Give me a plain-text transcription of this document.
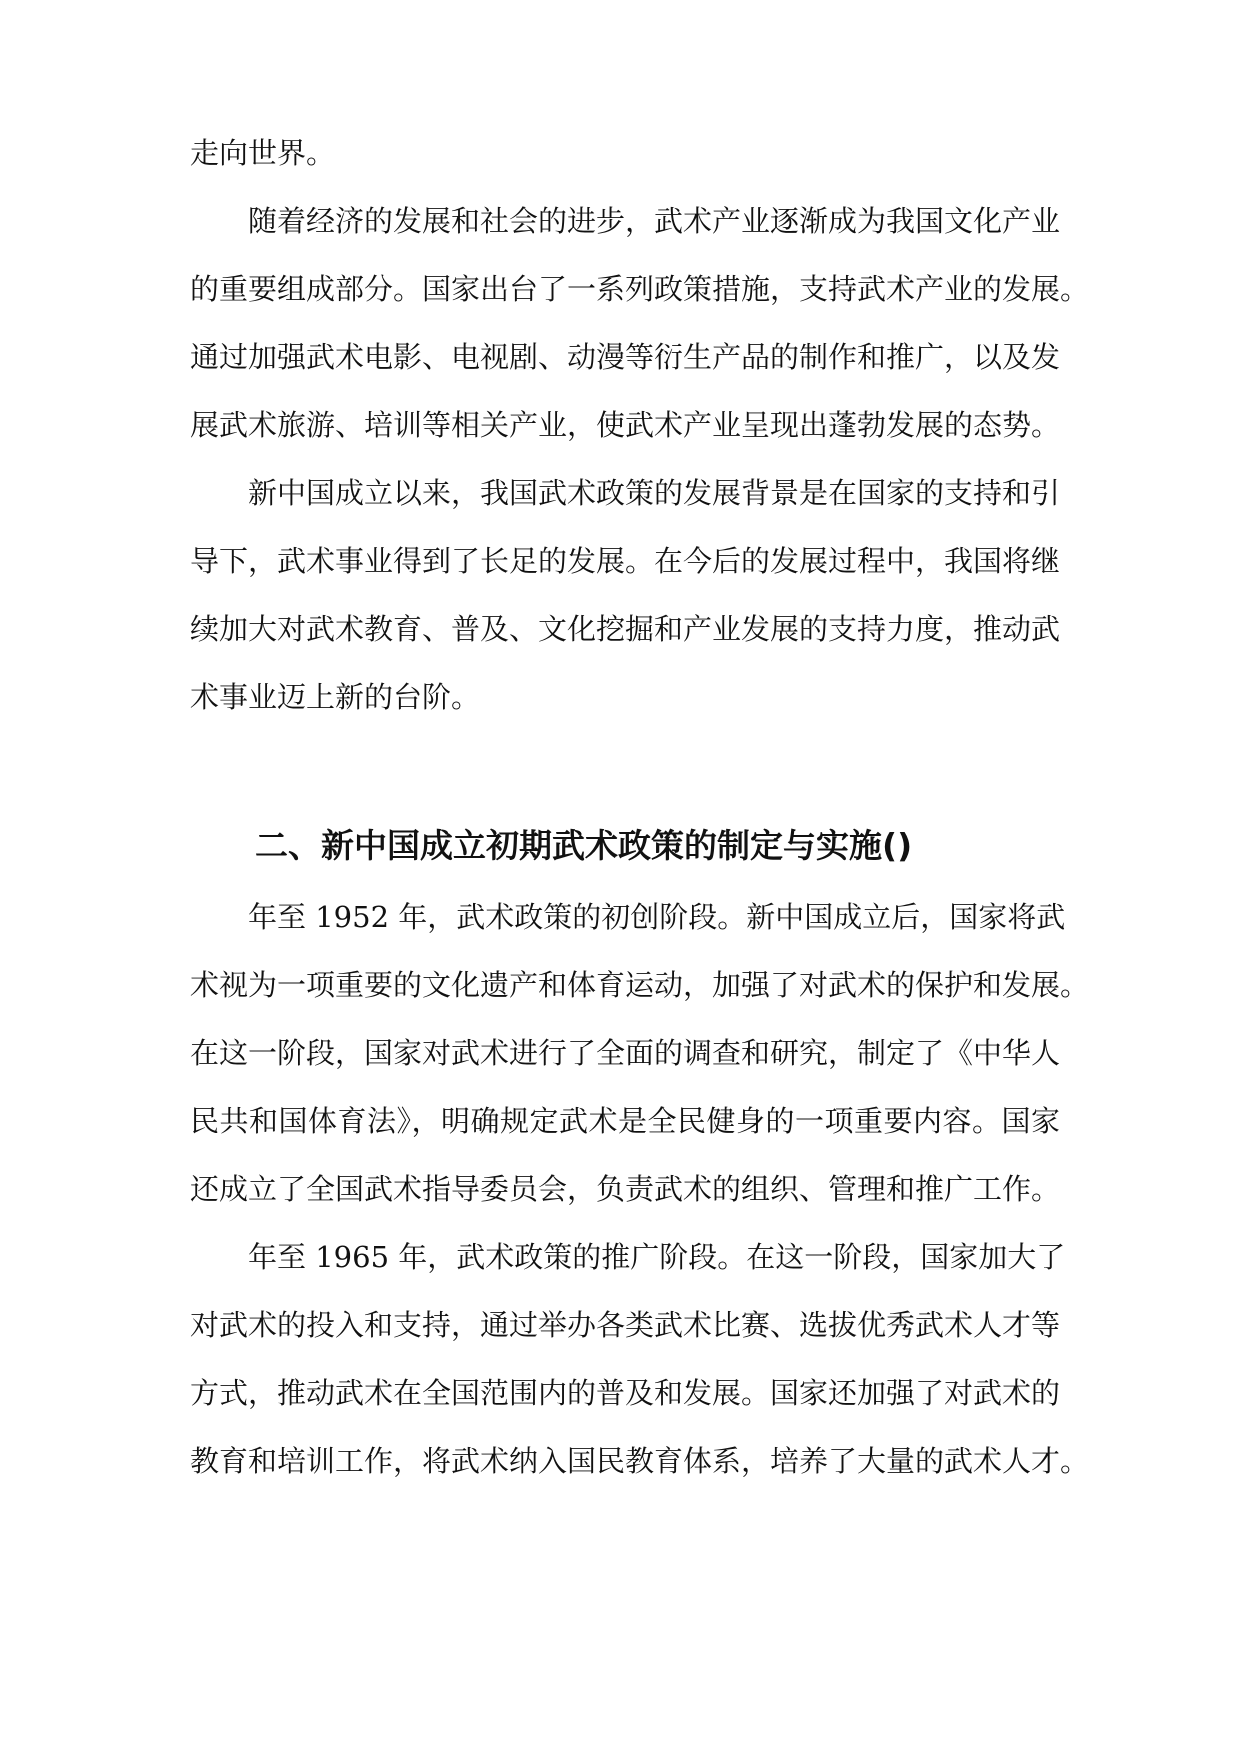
走向世界。
随着经济的发展和社会的进步，武术产业逐渐成为我国文化产业
的重要组成部分。国家出台了一系列政策措施，支持武术产业的发展。
通过加强武术电影、电视剧、动漫等衍生产品的制作和推广，以及发
展武术旅游、培训等相关产业，使武术产业呈现出蓬勃发展的态势。
新中国成立以来，我国武术政策的发展背景是在国家的支持和引
导下，武术事业得到了长足的发展。在今后的发展过程中，我国将继
续加大对武术教育、普及、文化挖掘和产业发展的支持力度，推动武
术事业迈上新的台阶。
二、新中国成立初期武术政策的制定与实施()
年至 1952 年，武术政策的初创阶段。新中国成立后，国家将武
术视为一项重要的文化遗产和体育运动，加强了对武术的保护和发展。
在这一阶段，国家对武术进行了全面的调查和研究，制定了《中华人
民共和国体育法》，明确规定武术是全民健身的一项重要内容。国家
还成立了全国武术指导委员会，负责武术的组织、管理和推广工作。
年至 1965 年，武术政策的推广阶段。在这一阶段，国家加大了
对武术的投入和支持，通过举办各类武术比赛、选拔优秀武术人才等
方式，推动武术在全国范围内的普及和发展。国家还加强了对武术的
教育和培训工作，将武术纳入国民教育体系，培养了大量的武术人才。
